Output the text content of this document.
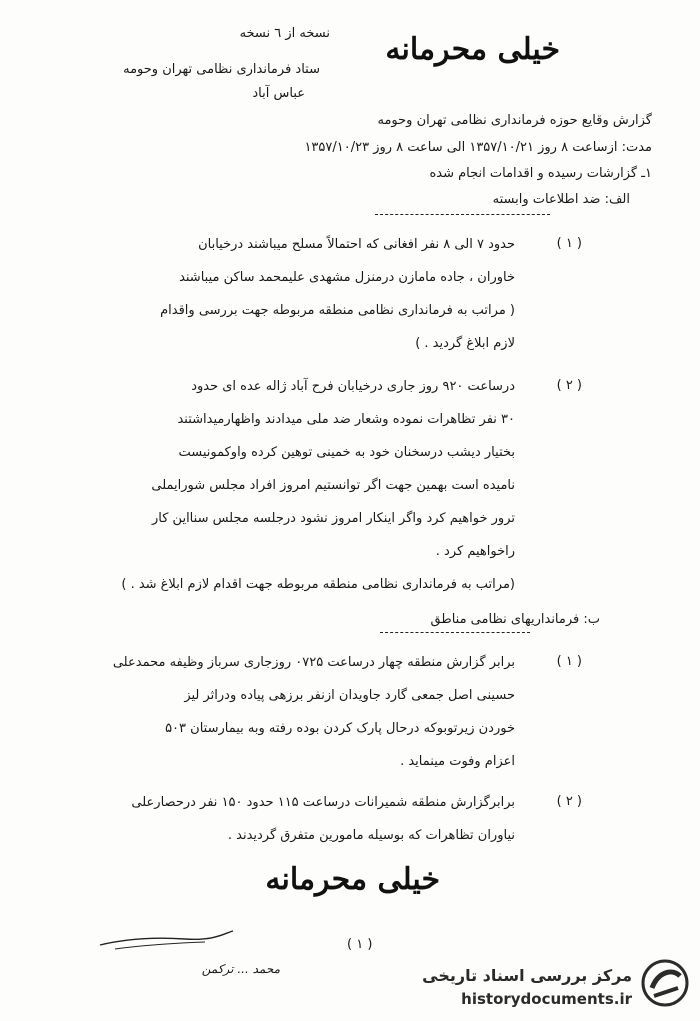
نسخه از ٦ نسخه خیلی محرمانه
ستاد فرمانداری نظامی تهران وحومه
عباس آباد
گزارش وقایع حوزه فرمانداری نظامی تهران وحومه
مدت: ازساعت ۸ روز ۱۳۵۷/۱۰/۲۱ الی ساعت ۸ روز ۱۳۵۷/۱۰/۲۳
۱ـ گزارشات رسیده و اقدامات انجام شده
الف: ضد اطلاعات وابسته
( ۱ )
حدود ۷ الی ۸ نفر افغانی که احتمالاً مسلح میباشند درخیابان
خاوران ، جاده مامازن درمنزل مشهدی علیمحمد ساکن میباشند
( مراتب به فرمانداری نظامی منطقه مربوطه جهت بررسی واقدام
لازم ابلاغ گردید . )
( ۲ )
درساعت ۹۲۰ روز جاری درخیابان فرح آباد ژاله عده ای حدود
۳۰ نفر تظاهرات نموده وشعار ضد ملی میدادند واظهارمیداشتند
بختیار دیشب درسخنان خود به خمینی توهین کرده واوکمونیست
نامیده است بهمین جهت اگر توانستیم امروز افراد مجلس شورایملی
ترور خواهیم کرد واگر اینکار امروز نشود درجلسه مجلس سنااین کار
راخواهیم کرد .
(مراتب به فرمانداری نظامی منطقه مربوطه جهت اقدام لازم ابلاغ شد . )
ب: فرمانداریهای نظامی مناطق
( ۱ )
برابر گزارش منطقه چهار درساعت ۰۷۲۵ روزجاری سرباز وظیفه محمدعلی
حسینی اصل جمعی گارد جاویدان ازنفر برزهی پیاده ودراثر لیز
خوردن زیرتوبوکه درحال پارک کردن بوده رفته وبه بیمارستان ۵۰۳
اعزام وفوت مینماید .
( ۲ )
برابرگزارش منطقه شمیرانات درساعت ۱۱۵ حدود ۱۵۰ نفر درحصارعلی
نیاوران تظاهرات که بوسیله مامورین متفرق گردیدند .
خیلی محرمانه
( ۱ )
محمد ... ترکمن	مرکز بررسی اسناد تاریخی
historydocuments.ir
